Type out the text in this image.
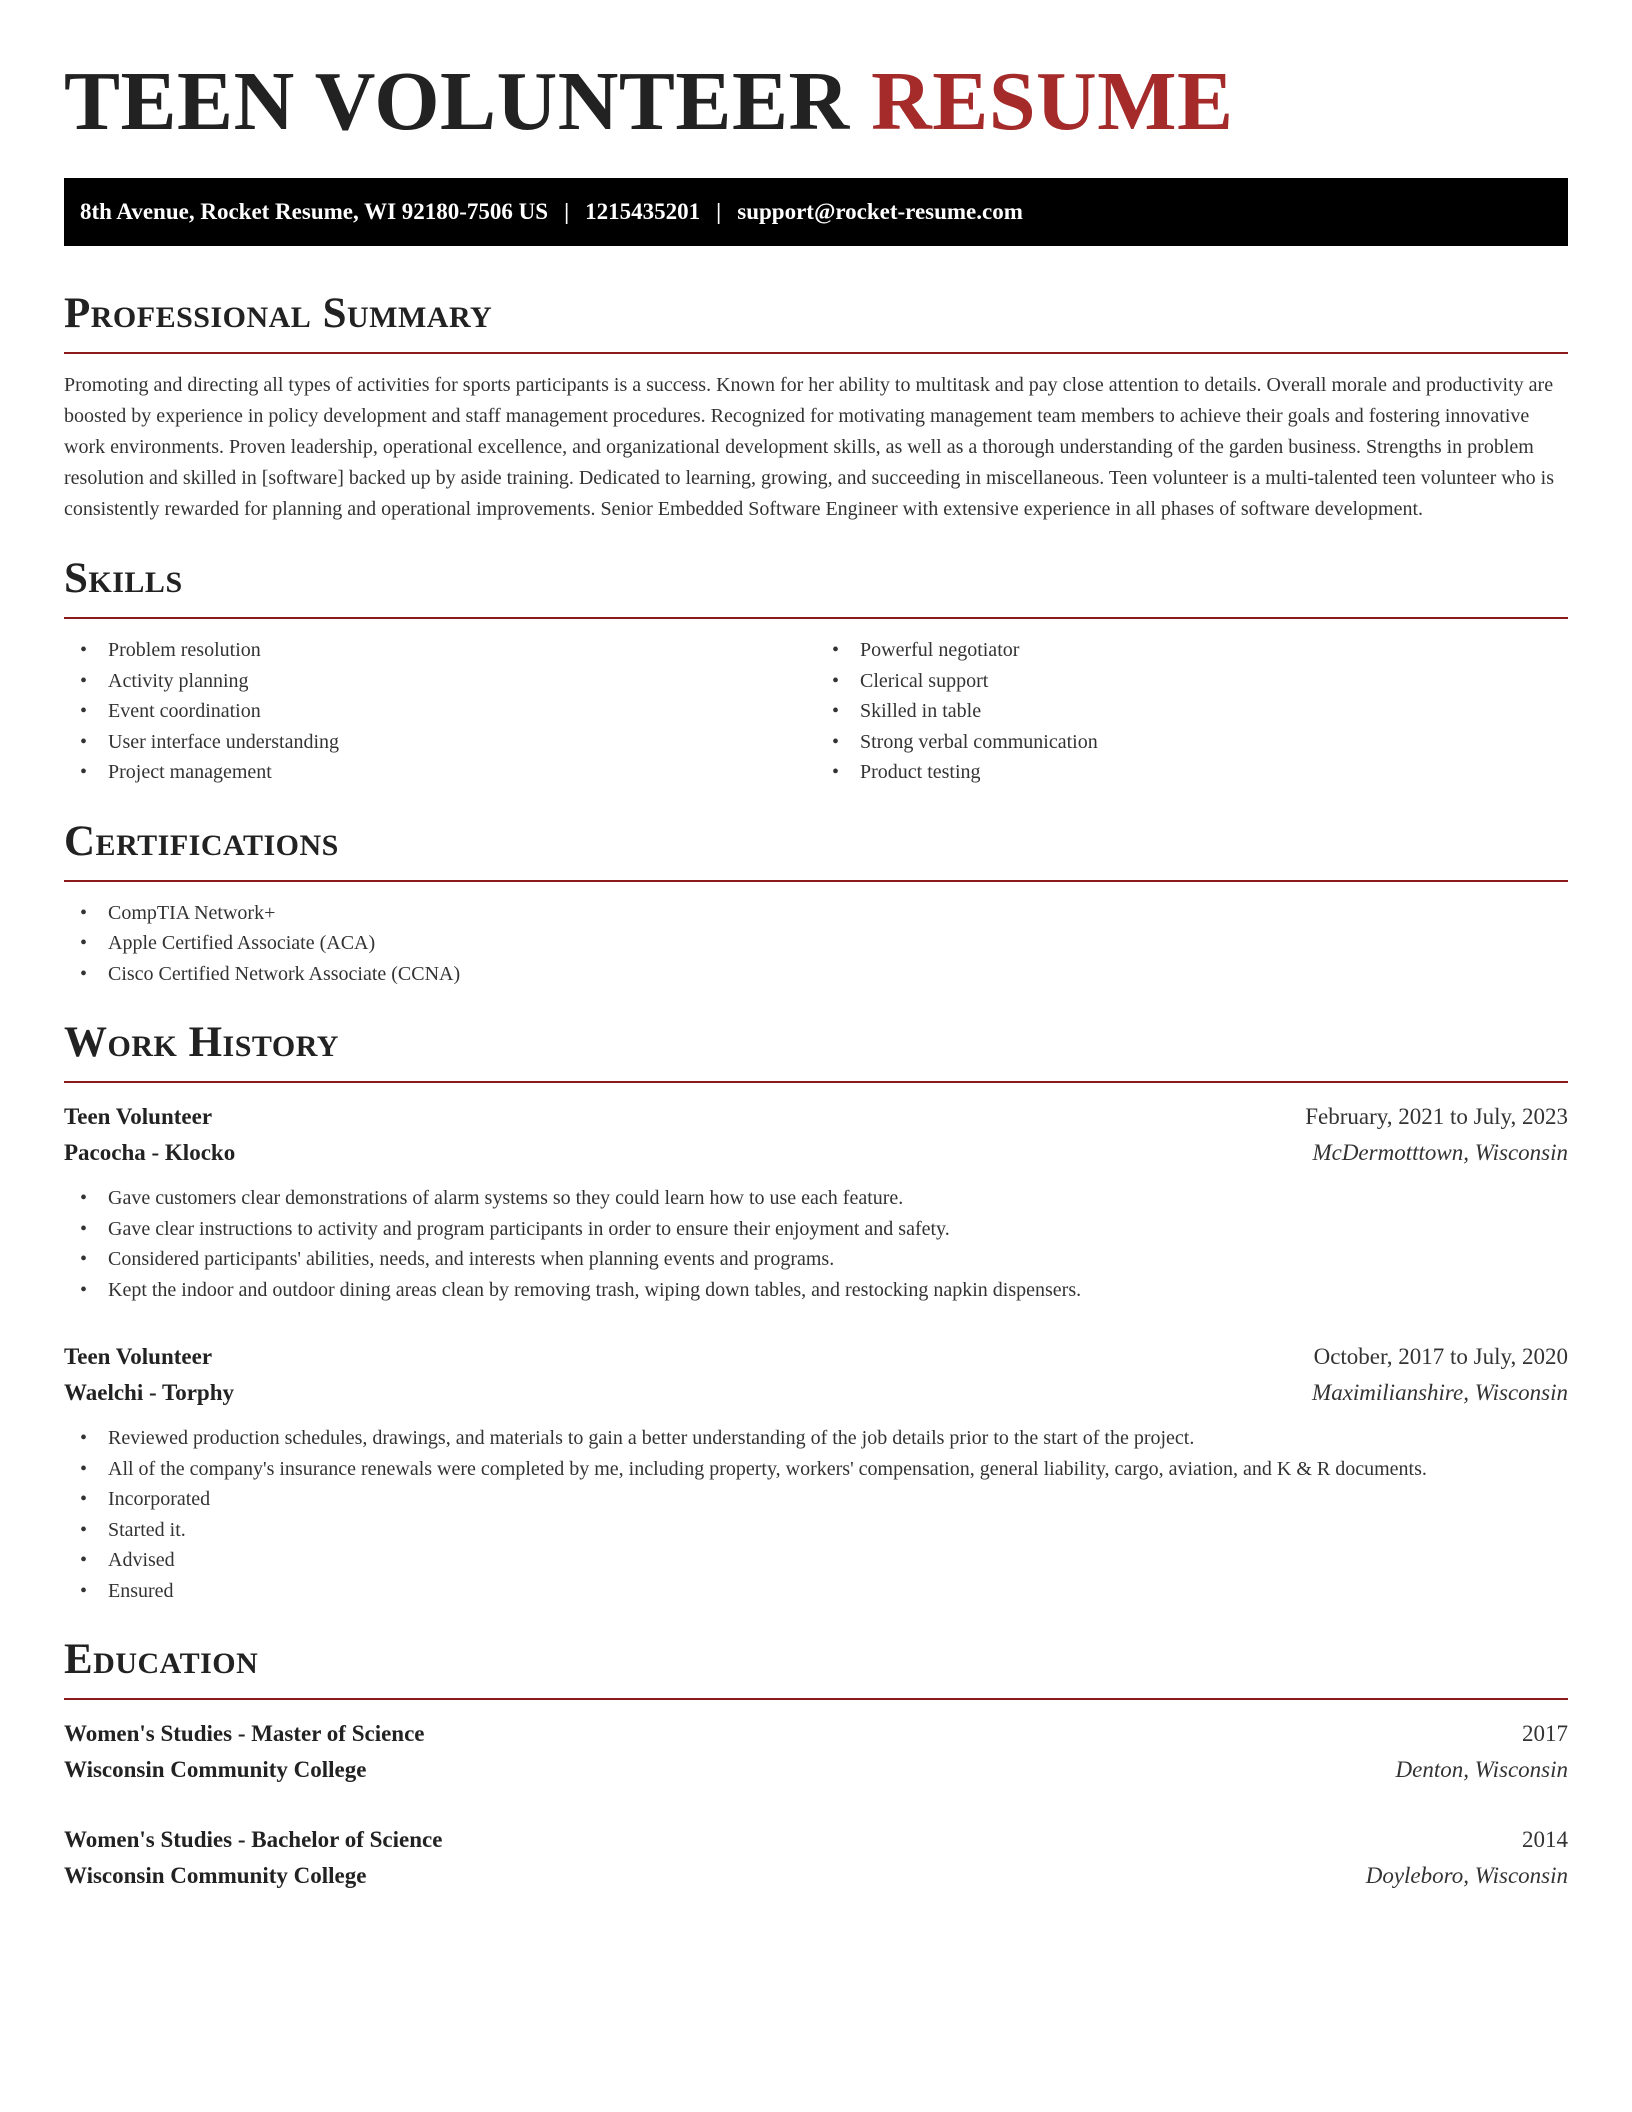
TEEN VOLUNTEER RESUME
8th Avenue, Rocket Resume, WI 92180-7506 US | 1215435201 | support@rocket-resume.com
Professional Summary

Promoting and directing all types of activities for sports participants is a success. Known for her ability to multitask and pay close attention to details. Overall morale and productivity are boosted by experience in policy development and staff management procedures. Recognized for motivating management team members to achieve their goals and fostering innovative work environments. Proven leadership, operational excellence, and organizational development skills, as well as a thorough understanding of the garden business. Strengths in problem resolution and skilled in [software] backed up by aside training. Dedicated to learning, growing, and succeeding in miscellaneous. Teen volunteer is a multi-talented teen volunteer who is consistently rewarded for planning and operational improvements. Senior Embedded Software Engineer with extensive experience in all phases of software development.

Skills
• Problem resolution
• Activity planning
• Event coordination
• User interface understanding
• Project management
• Powerful negotiator
• Clerical support
• Skilled in table
• Strong verbal communication
• Product testing
Certifications
• CompTIA Network+
• Apple Certified Associate (ACA)
• Cisco Certified Network Associate (CCNA)
Work History
Teen Volunteer	February, 2021 to July, 2023
Pacocha - Klocko	McDermotttown, Wisconsin
• Gave customers clear demonstrations of alarm systems so they could learn how to use each feature.
• Gave clear instructions to activity and program participants in order to ensure their enjoyment and safety.
• Considered participants' abilities, needs, and interests when planning events and programs.
• Kept the indoor and outdoor dining areas clean by removing trash, wiping down tables, and restocking napkin dispensers.
Teen Volunteer	October, 2017 to July, 2020
Waelchi - Torphy	Maximilianshire, Wisconsin
• Reviewed production schedules, drawings, and materials to gain a better understanding of the job details prior to the start of the project.
• All of the company's insurance renewals were completed by me, including property, workers' compensation, general liability, cargo, aviation, and K & R documents.
• Incorporated
• Started it.
• Advised
• Ensured
Education
Women's Studies - Master of Science	2017
Wisconsin Community College	Denton, Wisconsin
Women's Studies - Bachelor of Science	2014
Wisconsin Community College	Doyleboro, Wisconsin
